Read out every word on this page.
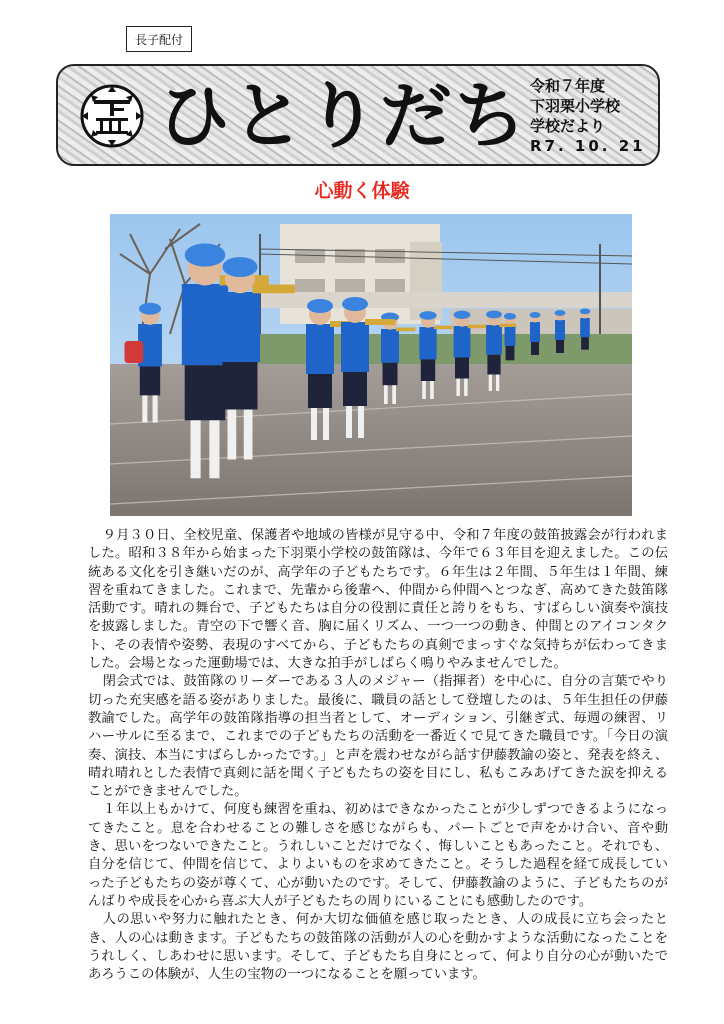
長子配付
ひとりだち 令和７年度
下羽栗小学校
学校だより
R7. 10. 21
心動く体験

９月３０日、全校児童、保護者や地域の皆様が見守る中、令和７年度の鼓笛披露会が行われました。昭和３８年から始まった下羽栗小学校の鼓笛隊は、今年で６３年目を迎えました。この伝統ある文化を引き継いだのが、高学年の子どもたちです。６年生は２年間、５年生は１年間、練習を重ねてきました。これまで、先輩から後輩へ、仲間から仲間へとつなぎ、高めてきた鼓笛隊活動です。晴れの舞台で、子どもたちは自分の役割に責任と誇りをもち、すばらしい演奏や演技を披露しました。青空の下で響く音、胸に届くリズム、一つ一つの動き、仲間とのアイコンタクト、その表情や姿勢、表現のすべてから、子どもたちの真剣でまっすぐな気持ちが伝わってきました。会場となった運動場では、大きな拍手がしばらく鳴りやみませんでした。

閉会式では、鼓笛隊のリーダーである３人のメジャー（指揮者）を中心に、自分の言葉でやり切った充実感を語る姿がありました。最後に、職員の話として登壇したのは、５年生担任の伊藤教諭でした。高学年の鼓笛隊指導の担当者として、オーディション、引継ぎ式、毎週の練習、リハーサルに至るまで、これまでの子どもたちの活動を一番近くで見てきた職員です。「今日の演奏、演技、本当にすばらしかったです。」と声を震わせながら話す伊藤教諭の姿と、発表を終え、晴れ晴れとした表情で真剣に話を聞く子どもたちの姿を目にし、私もこみあげてきた涙を抑えることができませんでした。

１年以上もかけて、何度も練習を重ね、初めはできなかったことが少しずつできるようになってきたこと。息を合わせることの難しさを感じながらも、パートごとで声をかけ合い、音や動き、思いをつないできたこと。うれしいことだけでなく、悔しいこともあったこと。それでも、自分を信じて、仲間を信じて、よりよいものを求めてきたこと。そうした過程を経て成長していった子どもたちの姿が尊くて、心が動いたのです。そして、伊藤教諭のように、子どもたちのがんばりや成長を心から喜ぶ大人が子どもたちの周りにいることにも感動したのです。

人の思いや努力に触れたとき、何か大切な価値を感じ取ったとき、人の成長に立ち会ったとき、人の心は動きます。子どもたちの鼓笛隊の活動が人の心を動かすような活動になったことをうれしく、しあわせに思います。そして、子どもたち自身にとって、何より自分の心が動いたであろうこの体験が、人生の宝物の一つになることを願っています。
